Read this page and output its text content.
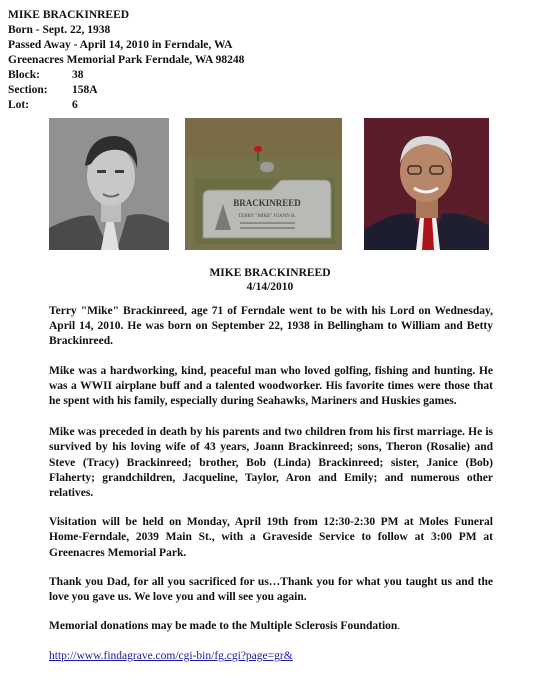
MIKE BRACKINREED
Born - Sept. 22, 1938
Passed Away - April 14, 2010 in Ferndale, WA
Greenacres Memorial Park Ferndale, WA 98248
Block:	38
Section: 158A
Lot:	6
BRACKINREED
TERRY "MIKE" JOANN B.
MIKE BRACKINREED
4/14/2010

Terry "Mike" Brackinreed, age 71 of Ferndale went to be with his Lord on Wednesday, April 14, 2010. He was born on September 22, 1938 in Bellingham to William and Betty Brackinreed.

Mike was a hardworking, kind, peaceful man who loved golfing, fishing and hunting. He was a WWII airplane buff and a talented woodworker. His favorite times were those that he spent with his family, especially during Seahawks, Mariners and Huskies games.

Mike was preceded in death by his parents and two children from his first marriage. He is survived by his loving wife of 43 years, Joann Brackinreed; sons, Theron (Rosalie) and Steve (Tracy) Brackinreed; brother, Bob (Linda) Brackinreed; sister, Janice (Bob) Flaherty; grandchildren, Jacqueline, Taylor, Aron and Emily; and numerous other relatives.

Visitation will be held on Monday, April 19th from 12:30-2:30 PM at Moles Funeral Home-Ferndale, 2039 Main St., with a Graveside Service to follow at 3:00 PM at Greenacres Memorial Park.

Thank you Dad, for all you sacrificed for us…Thank you for what you taught us and the love you gave us. We love you and will see you again.

Memorial donations may be made to the Multiple Sclerosis Foundation.

http://www.findagrave.com/cgi-bin/fg.cgi?page=gr&
